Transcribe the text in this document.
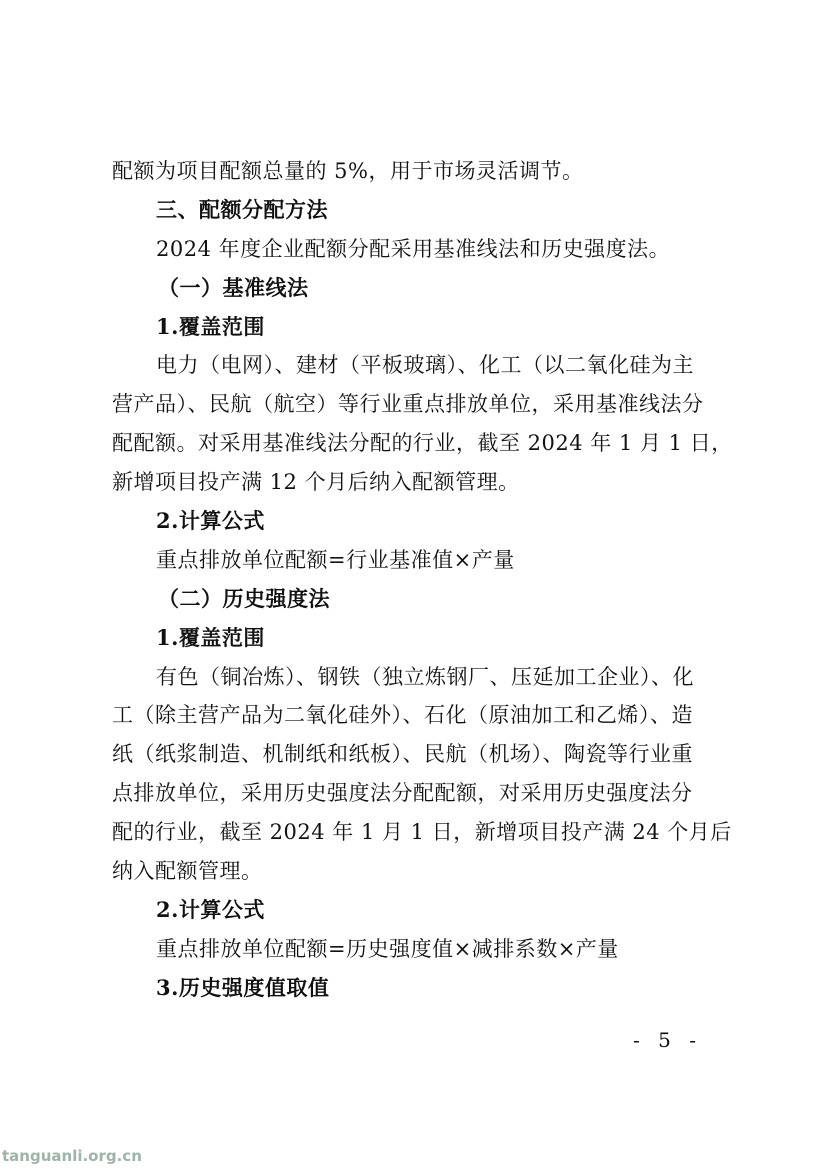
配额为项目配额总量的 5%，用于市场灵活调节。
三、配额分配方法
2024 年度企业配额分配采用基准线法和历史强度法。
（一）基准线法
1.覆盖范围
电力（电网）、建材（平板玻璃）、化工（以二氧化硅为主
营产品）、民航（航空）等行业重点排放单位，采用基准线法分
配配额。对采用基准线法分配的行业，截至 2024 年 1 月 1 日，
新增项目投产满 12 个月后纳入配额管理。
2.计算公式
重点排放单位配额=行业基准值×产量
（二）历史强度法
1.覆盖范围
有色（铜冶炼）、钢铁（独立炼钢厂、压延加工企业）、化
工（除主营产品为二氧化硅外）、石化（原油加工和乙烯）、造
纸（纸浆制造、机制纸和纸板）、民航（机场）、陶瓷等行业重
点排放单位，采用历史强度法分配配额，对采用历史强度法分
配的行业，截至 2024 年 1 月 1 日，新增项目投产满 24 个月后
纳入配额管理。
2.计算公式
重点排放单位配额=历史强度值×减排系数×产量
3.历史强度值取值
- 5 -
tanguanli.org.cn
